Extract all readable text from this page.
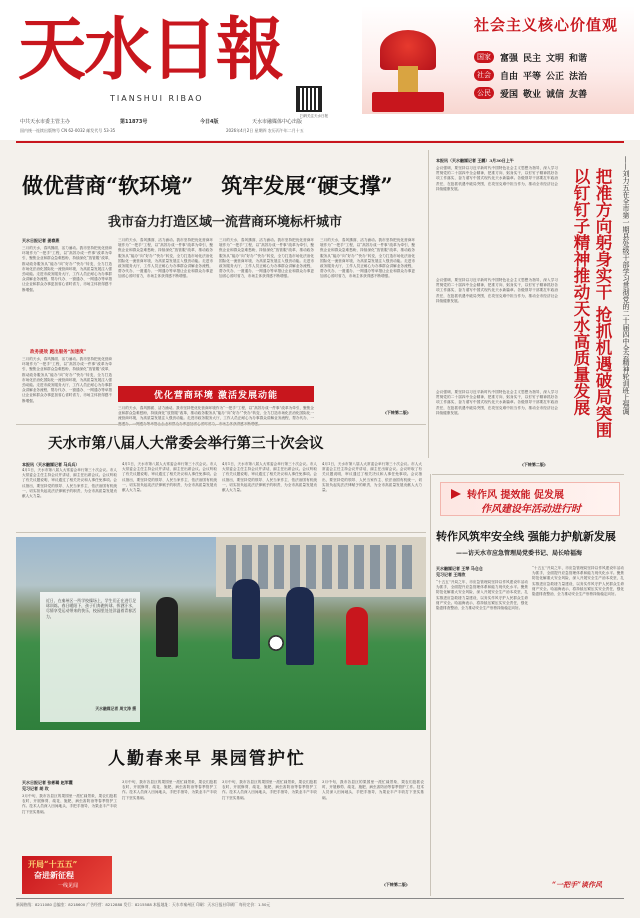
天水日報
TIANSHUI RIBAO
扫码关注天水日报
中共天水市委主管主办	第11873号	今日4版	天水市融媒体中心出版
国内统一连续出版物号 CN 62-0032 邮发代号 53-35	2026年4月2日 星期四 农历丙午年二月十五
社会主义核心价值观
国家	富强 民主 文明 和谐
社会	自由 平等 公正 法治
公民	爱国 敬业 诚信 友善
做优营商“软环境” 筑牢发展“硬支撑”
我市奋力打造区域一流营商环境标杆城市
天水日报记者 姜春燕
三月的天水，春风拂面、活力涌动。我市坚持把优化营商环境作为“一把手”工程，以“高效办成一件事”改革为牵引，聚焦企业和群众急难愁盼，持续深化“放管服”改革，推动政务服务从“能办”向“好办”“快办”转变，全力打造市场化法治化国际化一流营商环境，为高质量发展注入强劲动能。走进市政务服务大厅，工作人员正耐心为办事群众讲解业务流程，帮办代办、一窗通办、一网通办等举措让企业和群众办事更加省心省时省力，市场主体获得感不断增强。
政务提效 跑出服务“加速度”
三月的天水，春风拂面、活力涌动。我市坚持把优化营商环境作为“一把手”工程，以“高效办成一件事”改革为牵引，聚焦企业和群众急难愁盼，持续深化“放管服”改革，推动政务服务从“能办”向“好办”“快办”转变，全力打造市场化法治化国际化一流营商环境，为高质量发展注入强劲动能。走进市政务服务大厅，工作人员正耐心为办事群众讲解业务流程，帮办代办、一窗通办、一网通办等举措让企业和群众办事更加省心省时省力，市场主体获得感不断增强。
三月的天水，春风拂面、活力涌动。我市坚持把优化营商环境作为“一把手”工程，以“高效办成一件事”改革为牵引，聚焦企业和群众急难愁盼，持续深化“放管服”改革，推动政务服务从“能办”向“好办”“快办”转变，全力打造市场化法治化国际化一流营商环境，为高质量发展注入强劲动能。走进市政务服务大厅，工作人员正耐心为办事群众讲解业务流程，帮办代办、一窗通办、一网通办等举措让企业和群众办事更加省心省时省力，市场主体获得感不断增强。
三月的天水，春风拂面、活力涌动。我市坚持把优化营商环境作为“一把手”工程，以“高效办成一件事”改革为牵引，聚焦企业和群众急难愁盼，持续深化“放管服”改革，推动政务服务从“能办”向“好办”“快办”转变，全力打造市场化法治化国际化一流营商环境，为高质量发展注入强劲动能。走进市政务服务大厅，工作人员正耐心为办事群众讲解业务流程，帮办代办、一窗通办、一网通办等举措让企业和群众办事更加省心省时省力，市场主体获得感不断增强。
三月的天水，春风拂面、活力涌动。我市坚持把优化营商环境作为“一把手”工程，以“高效办成一件事”改革为牵引，聚焦企业和群众急难愁盼，持续深化“放管服”改革，推动政务服务从“能办”向“好办”“快办”转变，全力打造市场化法治化国际化一流营商环境，为高质量发展注入强劲动能。走进市政务服务大厅，工作人员正耐心为办事群众讲解业务流程，帮办代办、一窗通办、一网通办等举措让企业和群众办事更加省心省时省力，市场主体获得感不断增强。
优化营商环境 激活发展动能
三月的天水，春风拂面、活力涌动。我市坚持把优化营商环境作为“一把手”工程，以“高效办成一件事”改革为牵引，聚焦企业和群众急难愁盼，持续深化“放管服”改革，推动政务服务从“能办”向“好办”“快办”转变，全力打造市场化法治化国际化一流营商环境，为高质量发展注入强劲动能。走进市政务服务大厅，工作人员正耐心为办事群众讲解业务流程，帮办代办、一
(下转第二版)	把准方向躬身实干 抢抓机遇破局突围
以钉钉子精神推动天水高质量发展	——刘力五在全市第一期县处级干部学习贯彻党的二十届四中全会精神轮训班上强调
本报讯（天水融媒记者 王鹏）3月30日上午
会议强调，要坚持以习近平新时代中国特色社会主义思想为指导，深入学习贯彻党的二十届四中全会精神，把准方向、躬身实干，以钉钉子精神抓好各项工作落实，奋力谱写中国式现代化天水新篇章。各级领导干部要扛牢政治责任，在抢抓机遇中破局突围，在攻坚克难中担当作为，推动全市经济社会持续健康发展。
会议强调，要坚持以习近平新时代中国特色社会主义思想为指导，深入学习贯彻党的二十届四中全会精神，把准方向、躬身实干，以钉钉子精神抓好各项工作落实，奋力谱写中国式现代化天水新篇章。各级领导干部要扛牢政治责任，在抢抓机遇中破局突围，在攻坚克难中担当作为，推动全市经济社会持续健康发展。
会议强调，要坚持以习近平新时代中国特色社会主义思想为指导，深入学习贯彻党的二十届四中全会精神，把准方向、躬身实干，以钉钉子精神抓好各项工作落实，奋力谱写中国式现代化天水新篇章。各级领导干部要扛牢政治责任，在抢抓机遇中破局突围，在攻坚克难中担当作为，推动全市经济社会持续健康发展。
(下转第二版)
天水市第八届人大常委会举行第三十次会议
本报讯（天水融媒记者 马兵兵）
4月1日，天水市第八届人大常委会举行第三十次会议。市人大常委会主任主持会议并讲话，副主任出席会议。会议听取了有关议题说明，审议通过了相关决议和人事任免事项。会议指出，要坚持党的领导、人民当家作主、依法治国有机统一，切实担负起宪法法律赋予的职责，为全市高质量发展贡献人大力量。
4月1日，天水市第八届人大常委会举行第三十次会议。市人大常委会主任主持会议并讲话，副主任出席会议。会议听取了有关议题说明，审议通过了相关决议和人事任免事项。会议指出，要坚持党的领导、人民当家作主、依法治国有机统一，切实担负起宪法法律赋予的职责，为全市高质量发展贡献人大力量。
4月1日，天水市第八届人大常委会举行第三十次会议。市人大常委会主任主持会议并讲话，副主任出席会议。会议听取了有关议题说明，审议通过了相关决议和人事任免事项。会议指出，要坚持党的领导、人民当家作主、依法治国有机统一，切实担负起宪法法律赋予的职责，为全市高质量发展贡献人大力量。
4月1日，天水市第八届人大常委会举行第三十次会议。市人大常委会主任主持会议并讲话，副主任出席会议。会议听取了有关议题说明，审议通过了相关决议和人事任免事项。会议指出，要坚持党的领导、人民当家作主、依法治国有机统一，切实担负起宪法法律赋予的职责，为全市高质量发展贡献人大力量。	转作风 提效能 促发展
作风建设年活动进行时
转作风筑牢安全线 强能力护航新发展
——访天水市应急管理局党委书记、局长哈福海
天水融媒记者 王琴 马仓仓
见习记者 王雨欣
“十五五”开局之年，市应急管理局坚持以作风建设年活动为抓手，全面提升应急管理体系和能力现代化水平。聚焦防范化解重大安全风险，深入开展安全生产治本攻坚，扎实推进应急救援力量建设，以务实作风守护人民群众生命财产安全。哈福海表示，将持续压紧压实安全责任，强化隐患排查整治，全力推动安全生产形势持续稳定向好。
“十五五”开局之年，市应急管理局坚持以作风建设年活动为抓手，全面提升应急管理体系和能力现代化水平。聚焦防范化解重大安全风险，深入开展安全生产治本攻坚，扎实推进应急救援力量建设，以务实作风守护人民群众生命财产安全。哈福海表示，将持续压紧压实安全责任，强化隐患排查整治，全力推动安全生产形势持续稳定向好。
“一把手”谈作风
近日，在秦州区一所学校操场上，学生们正在进行足球训练。春日暖阳下，孩子们奔跑传球、挥洒汗水，尽情享受运动带来的快乐，校园里处处洋溢着青春活力。
天水融媒记者 周文涛 摄
人勤春来早 果园管护忙
天水日报记者 张彬璐 赵军霞
见习记者 胡 玫
3月中旬，我市各县区的果园里一派忙碌景象，果农们抢抓农时，开展修剪、疏花、施肥、病虫害防治等春季管护工作。技术人员深入田间地头，手把手指导，为果业丰产丰收打下坚实基础。
3月中旬，我市各县区的果园里一派忙碌景象，果农们抢抓农时，开展修剪、疏花、施肥、病虫害防治等春季管护工作。技术人员深入田间地头，手把手指导，为果业丰产丰收打下坚实基础。
3月中旬，我市各县区的果园里一派忙碌景象，果农们抢抓农时，开展修剪、疏花、施肥、病虫害防治等春季管护工作。技术人员深入田间地头，手把手指导，为果业丰产丰收打下坚实基础。
3月中旬，我市各县区的果园里一派忙碌景象，果农们抢抓农时，开展修剪、疏花、施肥、病虫害防治等春季管护工作。技术人员深入田间地头，手把手指导，为果业丰产丰收打下坚实基础。
(下转第二版)
开局“十五五”
奋进新征程
一线见闻
新闻热线：8211080 总编室：8218600 广告经营：8212888 发行：8215588 本报地址：天水市秦州区 印刷：天水日报社印刷厂 每份定价：1.50元
